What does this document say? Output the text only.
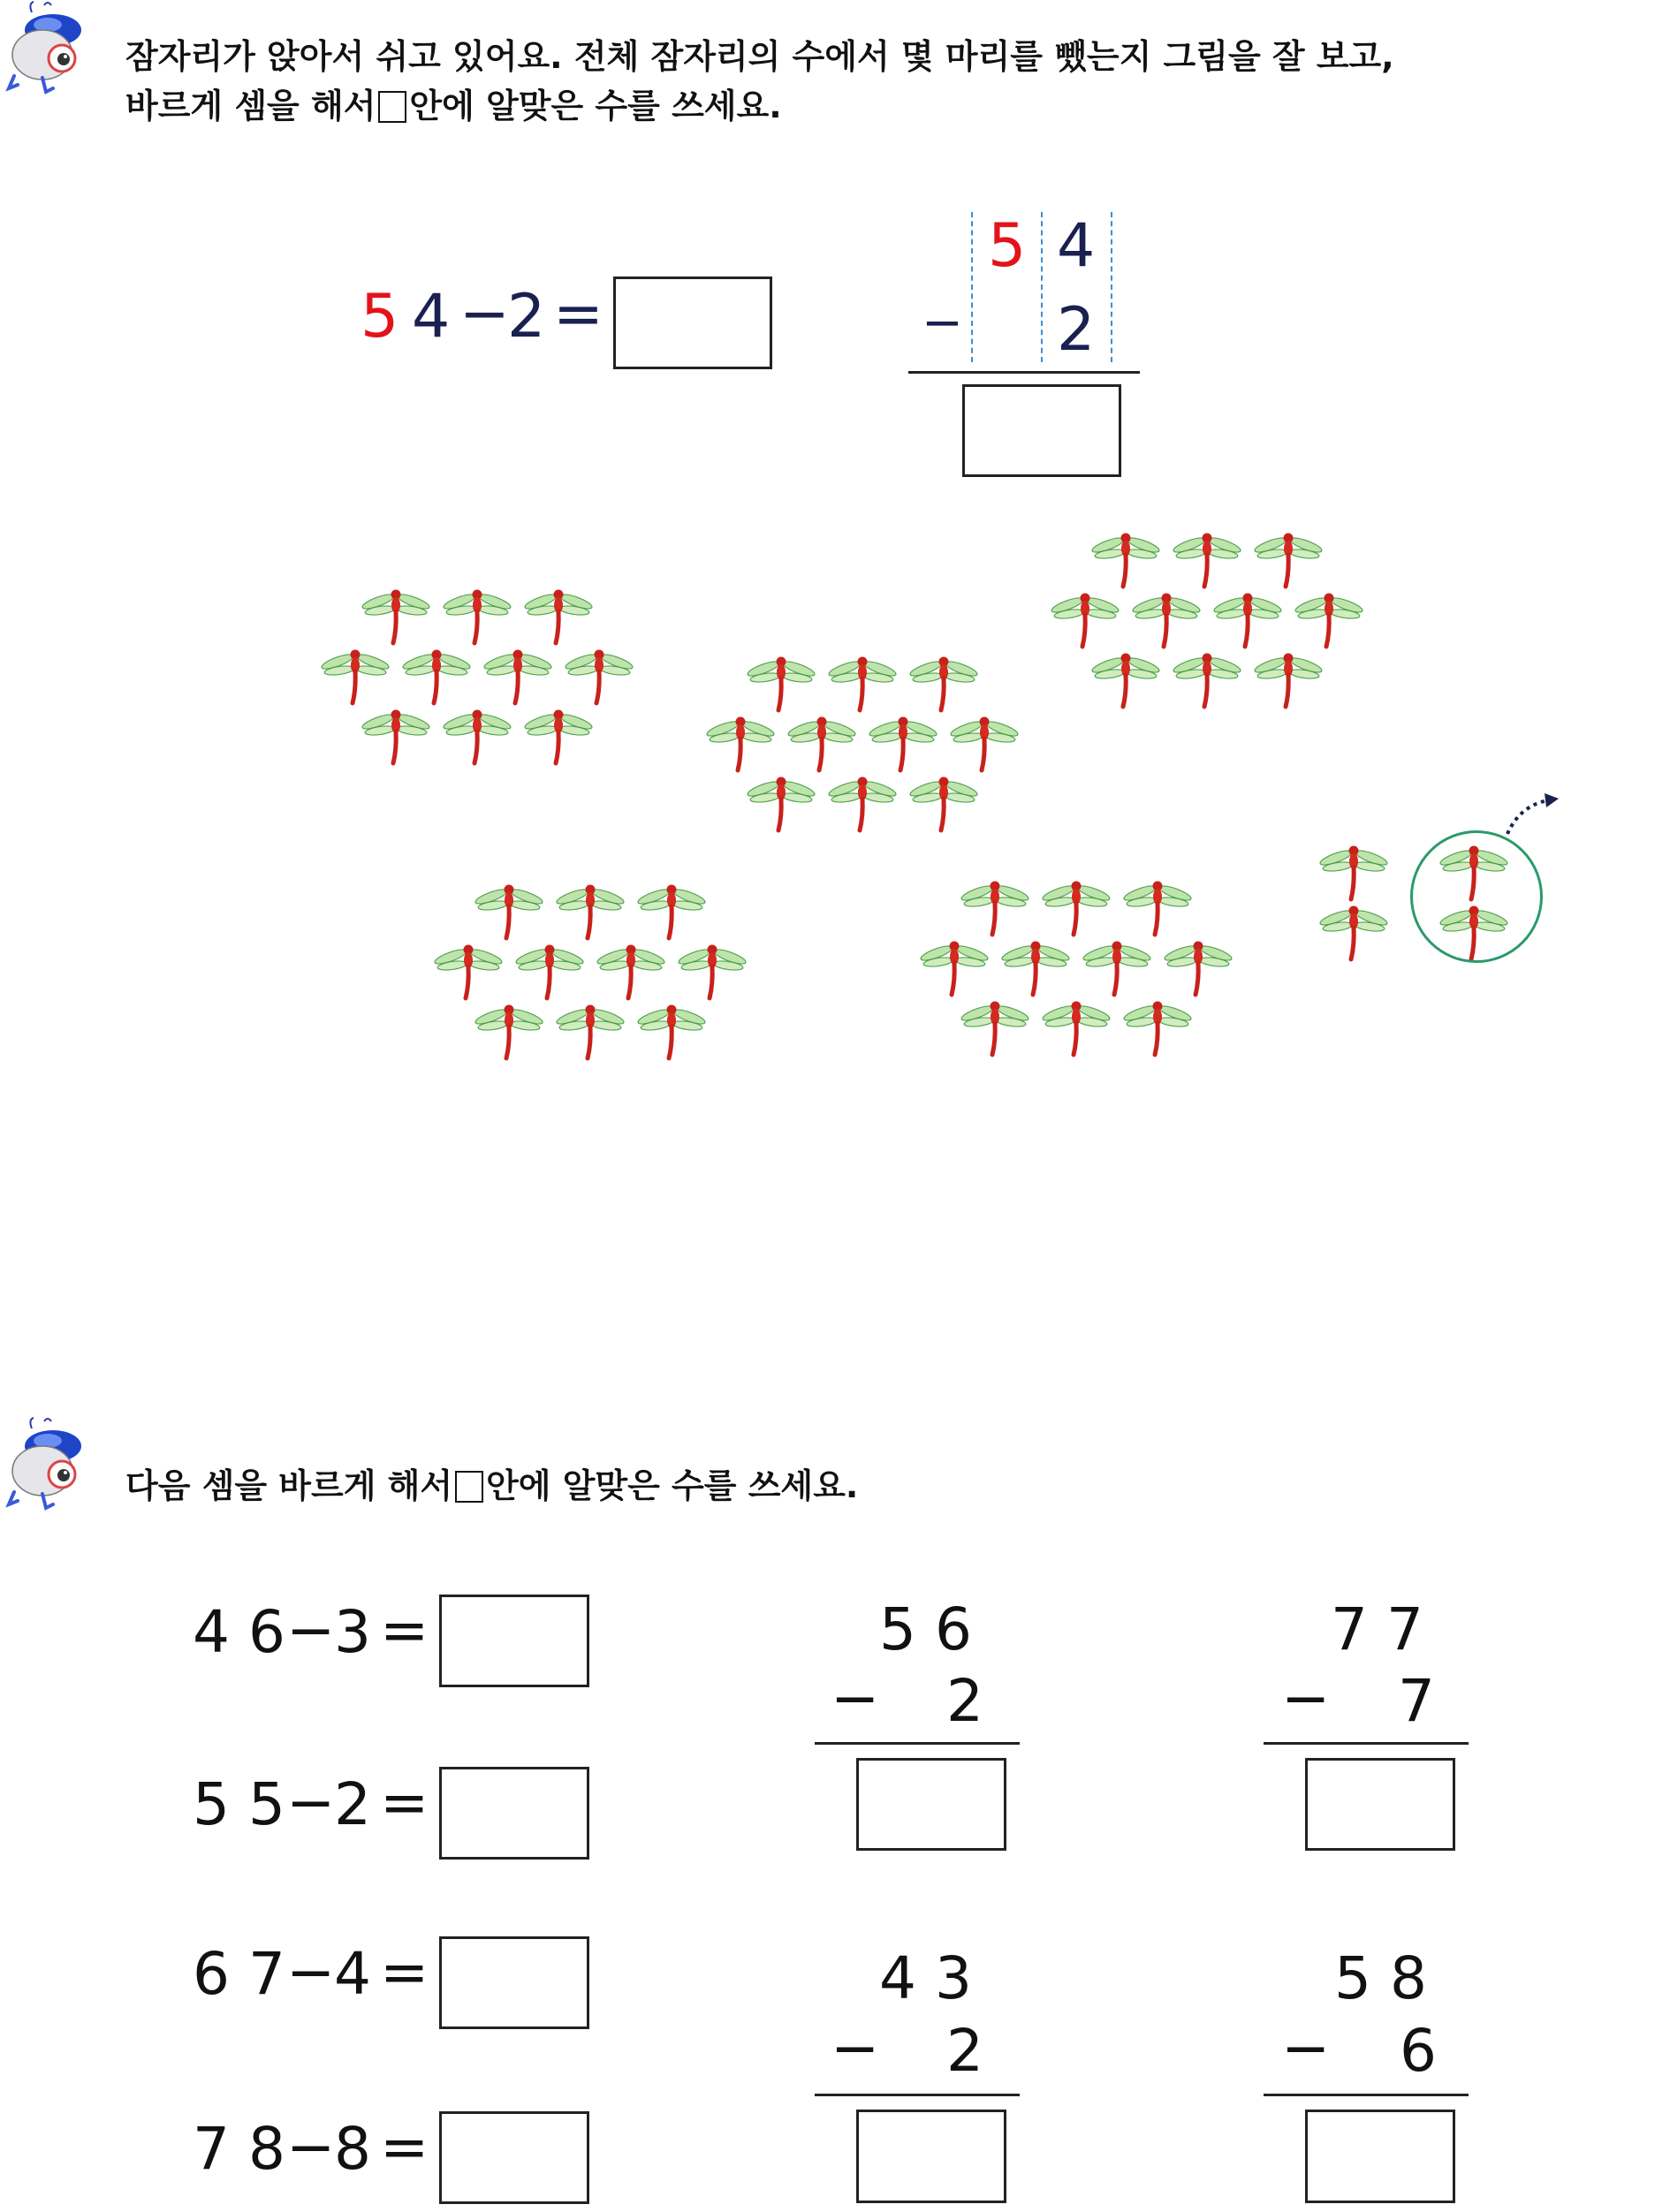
잠자리가 앉아서 쉬고 있어요. 전체 잠자리의 수에서 몇 마리를 뺐는지 그림을 잘 보고,
바르게 셈을 해서 안에 알맞은 수를 쓰세요.
5 4 −
2 =
5 4
− 2
다음 셈을 바르게 해서 안에 알맞은 수를 쓰세요.
4 6 −
3 =
5 5 −
2 =
6 7 −
4 =
7 8 −
8 =
5 6
− 2
7 7
− 7
4 3
− 2
5 8
− 6
